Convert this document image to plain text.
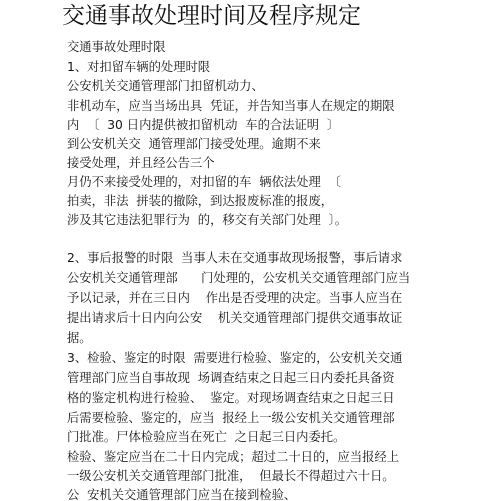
交通事故处理时间及程序规定
交通事故处理时限
1、对扣留车辆的处理时限
公安机关交通管理部门扣留机动力、
非机动车，应当当场出具  凭证，并告知当事人在规定的期限
内  〔  30 日内提供被扣留机动  车的合法证明  〕
到公安机关交  通管理部门接受处理。逾期不来
接受处理，并且经公告三个
月仍不来接受处理的，对扣留的车  辆依法处理  〔
拍卖，非法  拼装的撤除，到达报废标准的报废，
涉及其它违法犯罪行为  的，移交有关部门处理  〕。
2、事后报警的时限  当事人未在交通事故现场报警，事后请求
公安机关交通管理部      门处理的，公安机关交通管理部门应当
予以记录，并在三日内    作出是否受理的决定。当事人应当在
提出请求后十日内向公安    机关交通管理部门提供交通事故证
据。
3、检验、鉴定的时限  需要进行检验、鉴定的，公安机关交通
管理部门应当自事故现  场调查结束之日起三日内委托具备资
格的鉴定机构进行检验、  鉴定。对现场调查结束之日起三日
后需要检验、鉴定的，应当  报经上一级公安机关交通管理部
门批准。尸体检验应当在死亡  之日起三日内委托。
检验、鉴定应当在二十日内完成；超过二十日的，应当报经上
一级公安机关交通管理部门批准，  但最长不得超过六十日。
公  安机关交通管理部门应当在接到检验、
